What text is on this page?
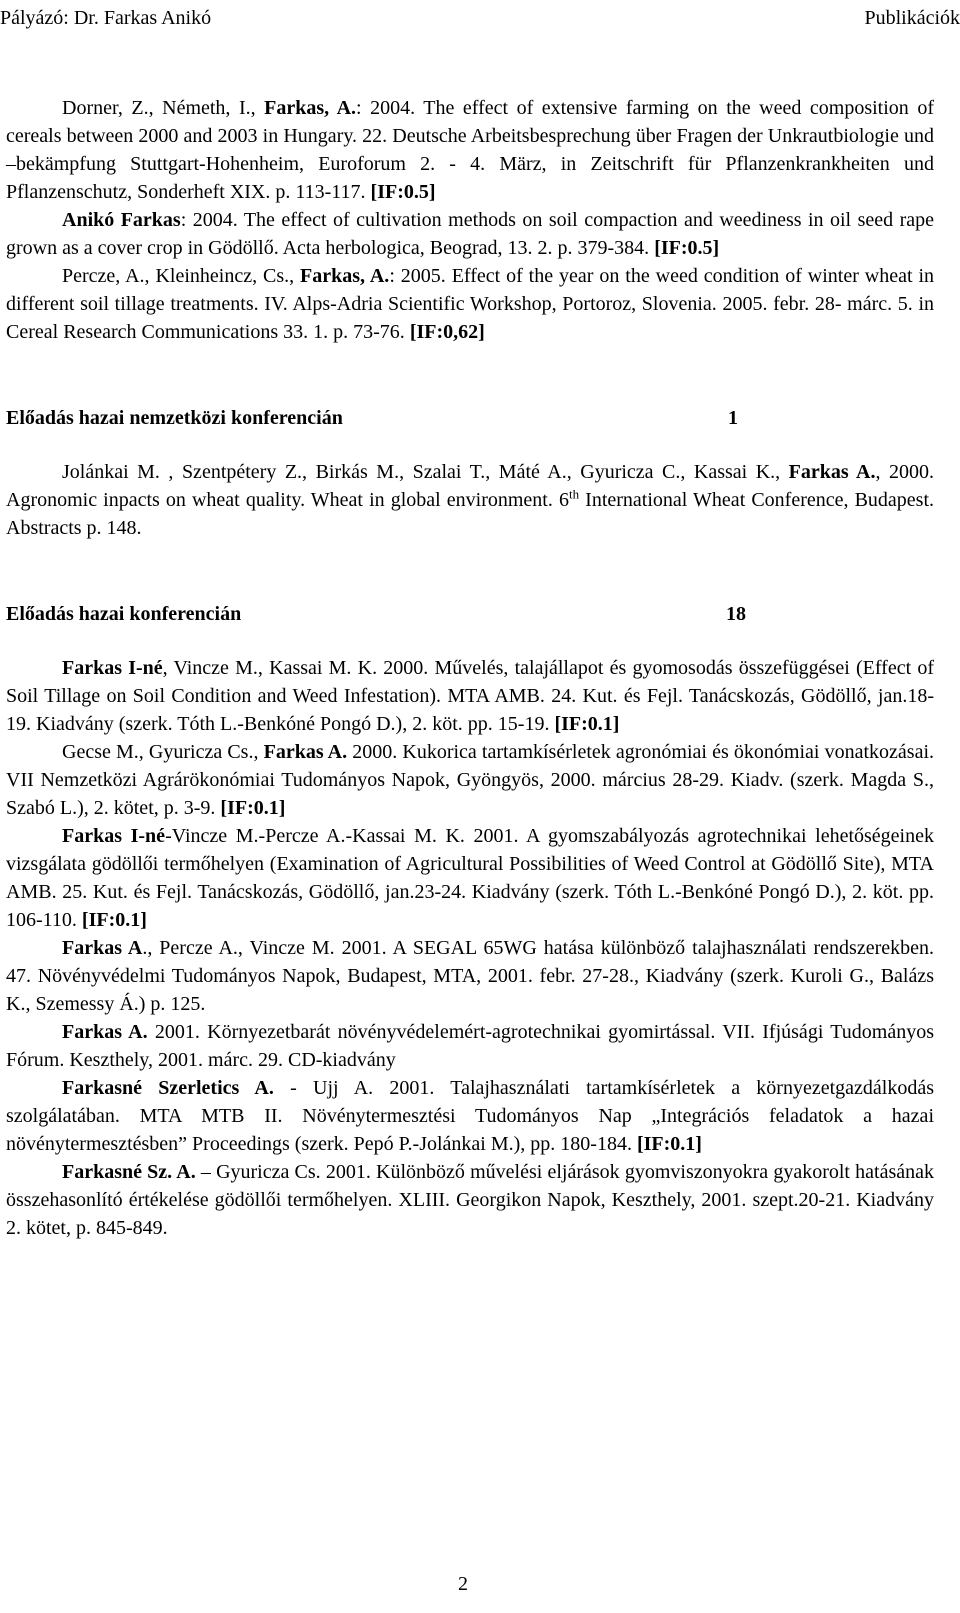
Pályázó: Dr. Farkas Anikó	Publikációk

Dorner, Z., Németh, I., Farkas, A.: 2004. The effect of extensive farming on the weed composition of cereals between 2000 and 2003 in Hungary. 22. Deutsche Arbeitsbesprechung über Fragen der Unkrautbiologie und –bekämpfung Stuttgart-Hohenheim, Euroforum 2. - 4. März, in Zeitschrift für Pflanzenkrankheiten und Pflanzenschutz, Sonderheft XIX. p. 113-117. [IF:0.5]

Anikó Farkas: 2004. The effect of cultivation methods on soil compaction and weediness in oil seed rape grown as a cover crop in Gödöllő. Acta herbologica, Beograd, 13. 2. p. 379-384. [IF:0.5]

Percze, A., Kleinheincz, Cs., Farkas, A.: 2005. Effect of the year on the weed condition of winter wheat in different soil tillage treatments. IV. Alps-Adria Scientific Workshop, Portoroz, Slovenia. 2005. febr. 28- márc. 5. in Cereal Research Communications 33. 1. p. 73-76. [IF:0,62]

Előadás hazai nemzetközi konferencián	1

Jolánkai M. , Szentpétery Z., Birkás M., Szalai T., Máté A., Gyuricza C., Kassai K., Farkas A., 2000. Agronomic inpacts on wheat quality. Wheat in global environment. 6th International Wheat Conference, Budapest. Abstracts p. 148.

Előadás hazai konferencián	18

Farkas I-né, Vincze M., Kassai M. K. 2000. Művelés, talajállapot és gyomosodás összefüggései (Effect of Soil Tillage on Soil Condition and Weed Infestation). MTA AMB. 24. Kut. és Fejl. Tanácskozás, Gödöllő, jan.18-19. Kiadvány (szerk. Tóth L.-Benkóné Pongó D.), 2. köt. pp. 15-19. [IF:0.1]

Gecse M., Gyuricza Cs., Farkas A. 2000. Kukorica tartamkísérletek agronómiai és ökonómiai vonatkozásai. VII Nemzetközi Agrárökonómiai Tudományos Napok, Gyöngyös, 2000. március 28-29. Kiadv. (szerk. Magda S., Szabó L.), 2. kötet, p. 3-9. [IF:0.1]

Farkas I-né-Vincze M.-Percze A.-Kassai M. K. 2001. A gyomszabályozás agrotechnikai lehetőségeinek vizsgálata gödöllői termőhelyen (Examination of Agricultural Possibilities of Weed Control at Gödöllő Site), MTA AMB. 25. Kut. és Fejl. Tanácskozás, Gödöllő, jan.23-24. Kiadvány (szerk. Tóth L.-Benkóné Pongó D.), 2. köt. pp. 106-110. [IF:0.1]

Farkas A., Percze A., Vincze M. 2001. A SEGAL 65WG hatása különböző talajhasználati rendszerekben. 47. Növényvédelmi Tudományos Napok, Budapest, MTA, 2001. febr. 27-28., Kiadvány (szerk. Kuroli G., Balázs K., Szemessy Á.) p. 125.

Farkas A. 2001. Környezetbarát növényvédelemért-agrotechnikai gyomirtással. VII. Ifjúsági Tudományos Fórum. Keszthely, 2001. márc. 29. CD-kiadvány

Farkasné Szerletics A. - Ujj A. 2001. Talajhasználati tartamkísérletek a környezetgazdálkodás szolgálatában. MTA MTB II. Növénytermesztési Tudományos Nap „Integrációs feladatok a hazai növénytermesztésben” Proceedings (szerk. Pepó P.-Jolánkai M.), pp. 180-184. [IF:0.1]

Farkasné Sz. A. – Gyuricza Cs. 2001. Különböző művelési eljárások gyomviszonyokra gyakorolt hatásának összehasonlító értékelése gödöllői termőhelyen. XLIII. Georgikon Napok, Keszthely, 2001. szept.20-21. Kiadvány 2. kötet, p. 845-849.

2
